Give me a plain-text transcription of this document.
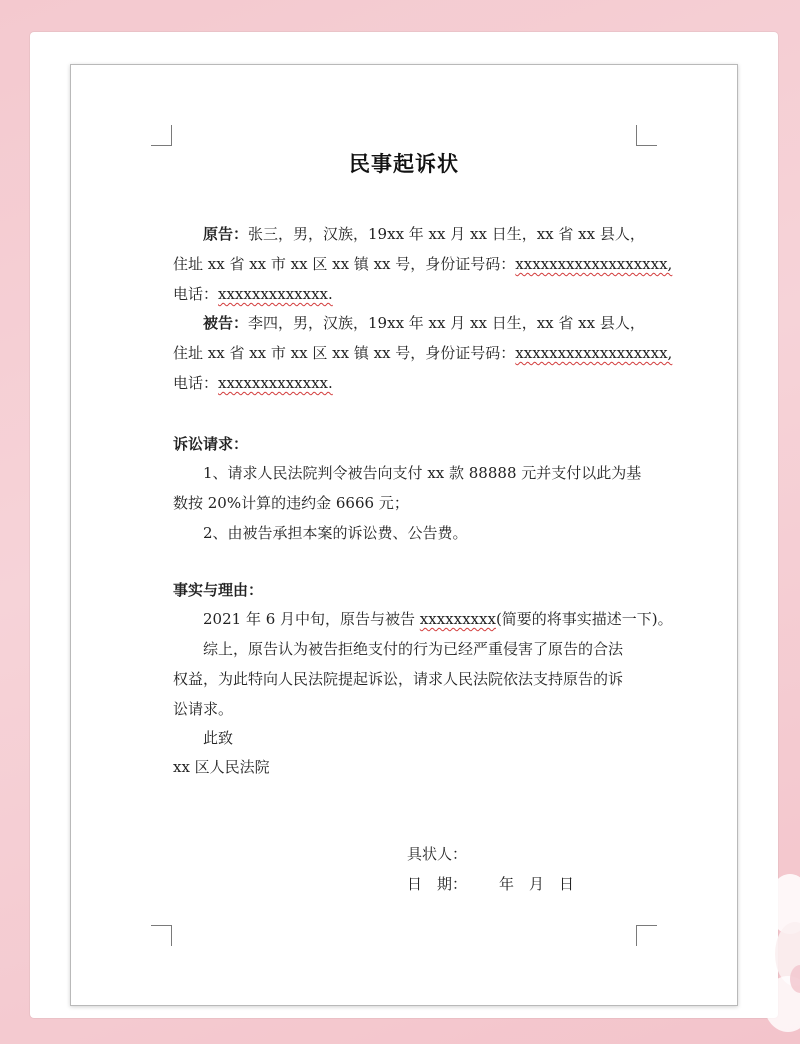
民事起诉状
原告：张三，男，汉族，19xx 年 xx 月 xx 日生，xx 省 xx 县人，
住址 xx 省 xx 市 xx 区 xx 镇 xx 号，身份证号码：xxxxxxxxxxxxxxxxxx,
电话：xxxxxxxxxxxxx.
被告：李四，男，汉族，19xx 年 xx 月 xx 日生，xx 省 xx 县人，
住址 xx 省 xx 市 xx 区 xx 镇 xx 号，身份证号码：xxxxxxxxxxxxxxxxxx,
电话：xxxxxxxxxxxxx.
诉讼请求：
1、请求人民法院判令被告向支付 xx 款 88888 元并支付以此为基
数按 20%计算的违约金 6666 元；
2、由被告承担本案的诉讼费、公告费。
事实与理由：
2021 年 6 月中旬，原告与被告 xxxxxxxxx(简要的将事实描述一下)。
综上，原告认为被告拒绝支付的行为已经严重侵害了原告的合法
权益，为此特向人民法院提起诉讼，请求人民法院依法支持原告的诉
讼请求。
此致
xx 区人民法院
具状人：
日　期： 年　月　日
